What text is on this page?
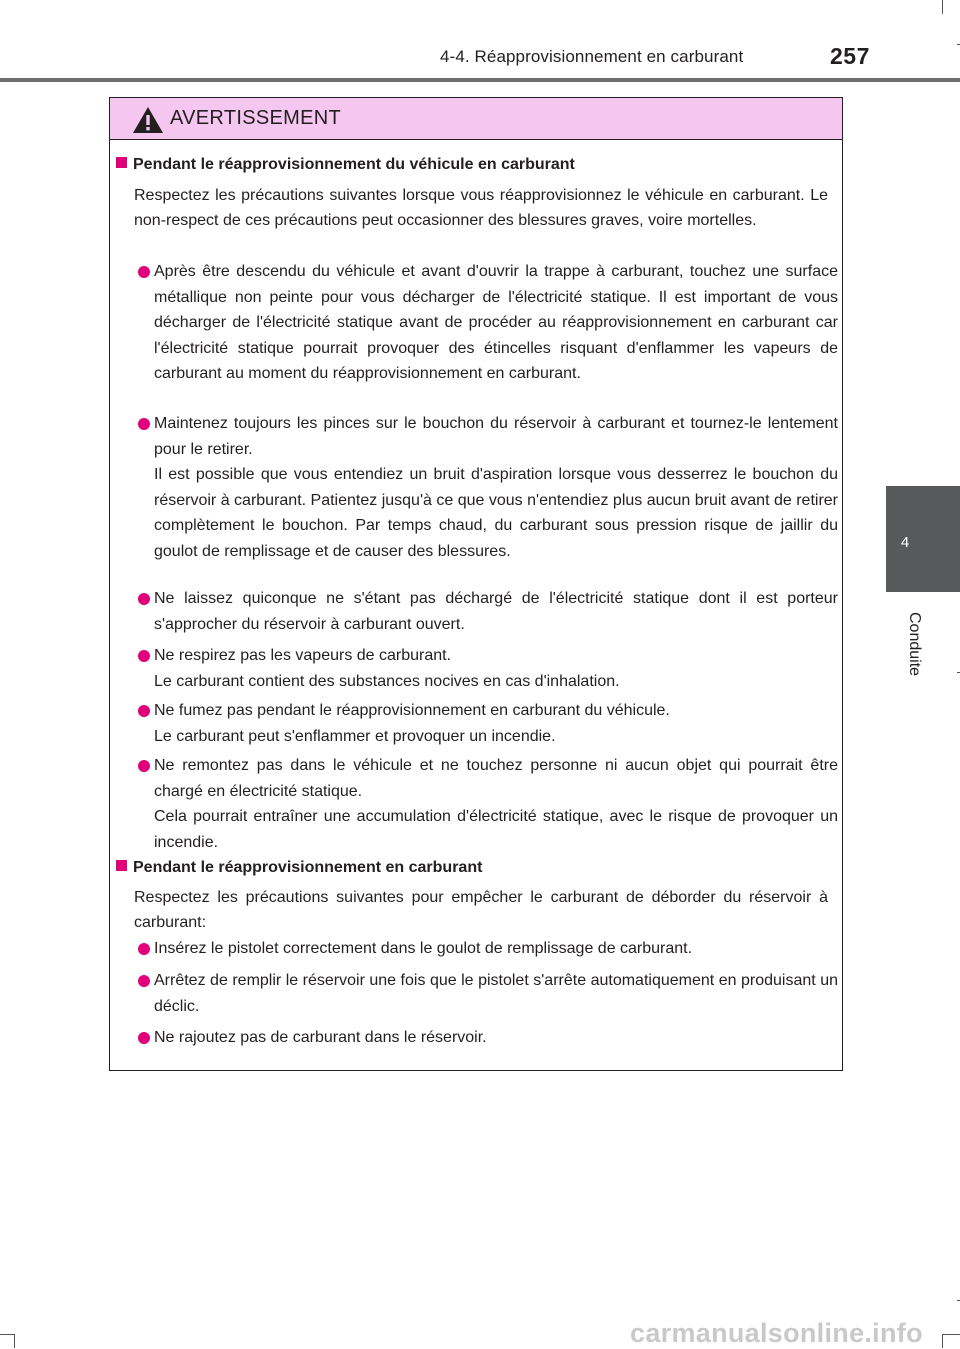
4-4. Réapprovisionnement en carburant	257
4
Conduite
AVERTISSEMENT
Pendant le réapprovisionnement du véhicule en carburant
Respectez les précautions suivantes lorsque vous réapprovisionnez le véhicule en carburant. Le non-respect de ces précautions peut occasionner des blessures graves, voire mortelles.
Après être descendu du véhicule et avant d'ouvrir la trappe à carburant, touchez une surface métallique non peinte pour vous décharger de l'électricité statique. Il est important de vous décharger de l'électricité statique avant de procéder au réapprovisionnement en carburant car l'électricité statique pourrait provoquer des étincelles risquant d'enflammer les vapeurs de carburant au moment du réapprovisionnement en carburant.
Maintenez toujours les pinces sur le bouchon du réservoir à carburant et tournez-le lentement pour le retirer.
Il est possible que vous entendiez un bruit d'aspiration lorsque vous desserrez le bouchon du réservoir à carburant. Patientez jusqu'à ce que vous n'entendiez plus aucun bruit avant de retirer complètement le bouchon. Par temps chaud, du carburant sous pression risque de jaillir du goulot de remplissage et de causer des blessures.
Ne laissez quiconque ne s'étant pas déchargé de l'électricité statique dont il est porteur s'approcher du réservoir à carburant ouvert.
Ne respirez pas les vapeurs de carburant.
Le carburant contient des substances nocives en cas d'inhalation.
Ne fumez pas pendant le réapprovisionnement en carburant du véhicule.
Le carburant peut s'enflammer et provoquer un incendie.
Ne remontez pas dans le véhicule et ne touchez personne ni aucun objet qui pourrait être chargé en électricité statique.
Cela pourrait entraîner une accumulation d'électricité statique, avec le risque de provoquer un incendie.
Pendant le réapprovisionnement en carburant
Respectez les précautions suivantes pour empêcher le carburant de déborder du réservoir à carburant:
Insérez le pistolet correctement dans le goulot de remplissage de carburant.
Arrêtez de remplir le réservoir une fois que le pistolet s'arrête automatiquement en produisant un déclic.
Ne rajoutez pas de carburant dans le réservoir.
carmanualsonline.info
